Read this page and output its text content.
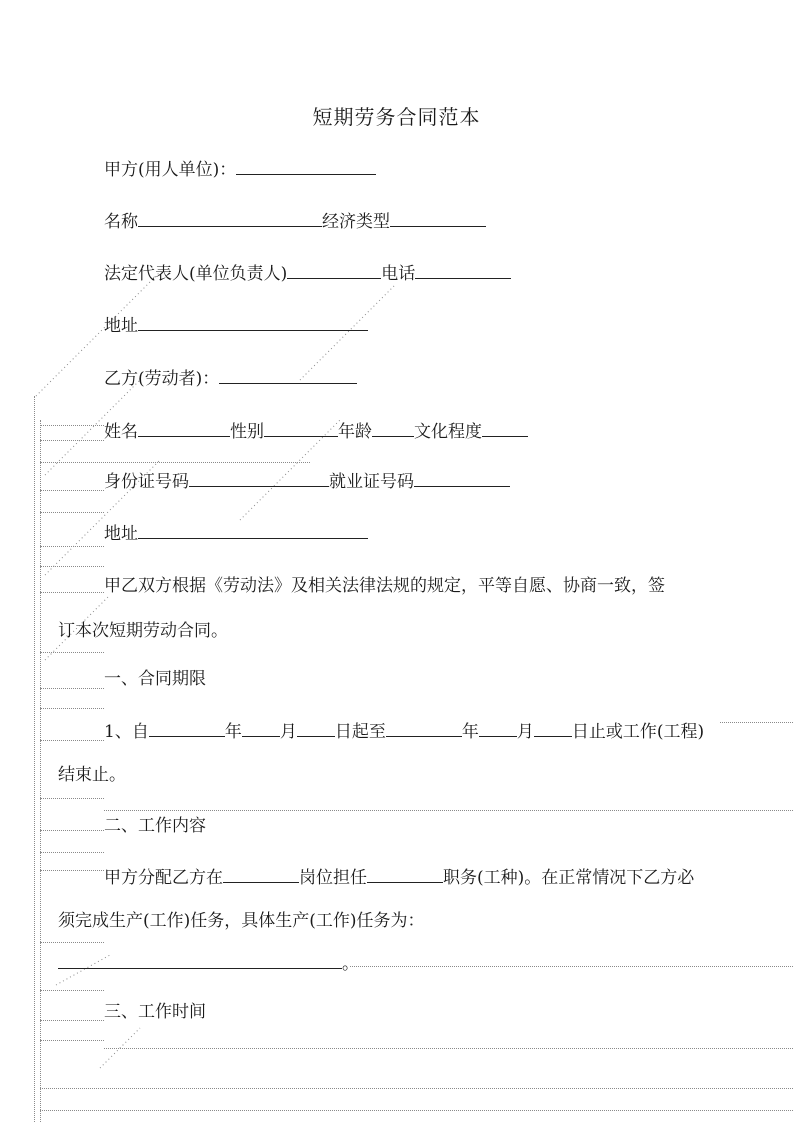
短期劳务合同范本
甲方(用人单位)：
名称	经济类型
法定代表人(单位负责人)	电话
地址
乙方(劳动者)：
姓名	性别	年龄 文化程度
身份证号码	就业证号码
地址
甲乙双方根据《劳动法》及相关法律法规的规定，平等自愿、协商一致，签
订本次短期劳动合同。
一、合同期限
1、自	年 月 日起至	年 月 日止或工作(工程)
结束止。
二、工作内容
甲方分配乙方在	岗位担任	职务(工种)。在正常情况下乙方必
须完成生产(工作)任务，具体生产(工作)任务为：
。
三、工作时间
